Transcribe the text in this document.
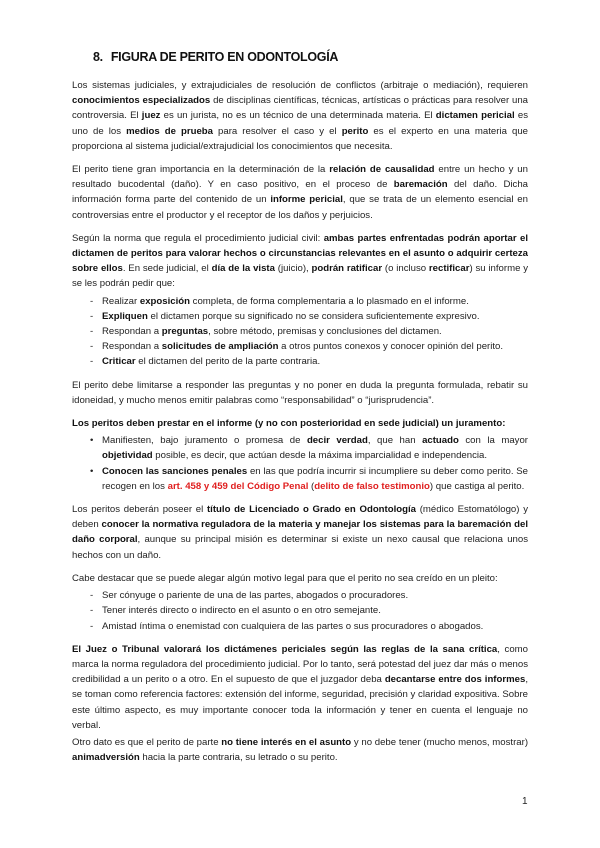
8. FIGURA DE PERITO EN ODONTOLOGÍA

Los sistemas judiciales, y extrajudiciales de resolución de conflictos (arbitraje o mediación), requieren conocimientos especializados de disciplinas científicas, técnicas, artísticas o prácticas para resolver una controversia. El juez es un jurista, no es un técnico de una determinada materia. El dictamen pericial es uno de los medios de prueba para resolver el caso y el perito es el experto en una materia que proporciona al sistema judicial/extrajudicial los conocimientos que necesita.

El perito tiene gran importancia en la determinación de la relación de causalidad entre un hecho y un resultado bucodental (daño). Y en caso positivo, en el proceso de baremación del daño. Dicha información forma parte del contenido de un informe pericial, que se trata de un elemento esencial en controversias entre el productor y el receptor de los daños y perjuicios.

Según la norma que regula el procedimiento judicial civil: ambas partes enfrentadas podrán aportar el dictamen de peritos para valorar hechos o circunstancias relevantes en el asunto o adquirir certeza sobre ellos. En sede judicial, el día de la vista (juicio), podrán ratificar (o incluso rectificar) su informe y se les podrán pedir que:

- Realizar exposición completa, de forma complementaria a lo plasmado en el informe.
- Expliquen el dictamen porque su significado no se considera suficientemente expresivo.
- Respondan a preguntas, sobre método, premisas y conclusiones del dictamen.
- Respondan a solicitudes de ampliación a otros puntos conexos y conocer opinión del perito.
- Criticar el dictamen del perito de la parte contraria.

El perito debe limitarse a responder las preguntas y no poner en duda la pregunta formulada, rebatir su idoneidad, y mucho menos emitir palabras como “responsabilidad” o “jurisprudencia”.

Los peritos deben prestar en el informe (y no con posterioridad en sede judicial) un juramento:

• Manifiesten, bajo juramento o promesa de decir verdad, que han actuado con la mayor objetividad posible, es decir, que actúan desde la máxima imparcialidad e independencia.
• Conocen las sanciones penales en las que podría incurrir si incumpliere su deber como perito. Se recogen en los art. 458 y 459 del Código Penal (delito de falso testimonio) que castiga al perito.

Los peritos deberán poseer el título de Licenciado o Grado en Odontología (médico Estomatólogo) y deben conocer la normativa reguladora de la materia y manejar los sistemas para la baremación del daño corporal, aunque su principal misión es determinar si existe un nexo causal que relaciona unos hechos con un daño.

Cabe destacar que se puede alegar algún motivo legal para que el perito no sea creído en un pleito:

- Ser cónyuge o pariente de una de las partes, abogados o procuradores.
- Tener interés directo o indirecto en el asunto o en otro semejante.
- Amistad íntima o enemistad con cualquiera de las partes o sus procuradores o abogados.

El Juez o Tribunal valorará los dictámenes periciales según las reglas de la sana crítica, como marca la norma reguladora del procedimiento judicial. Por lo tanto, será potestad del juez dar más o menos credibilidad a un perito o a otro. En el supuesto de que el juzgador deba decantarse entre dos informes, se toman como referencia factores: extensión del informe, seguridad, precisión y claridad expositiva. Sobre este último aspecto, es muy importante conocer toda la información y tener en cuenta el lenguaje no verbal.

Otro dato es que el perito de parte no tiene interés en el asunto y no debe tener (mucho menos, mostrar) animadversión hacia la parte contraria, su letrado o su perito.

1
